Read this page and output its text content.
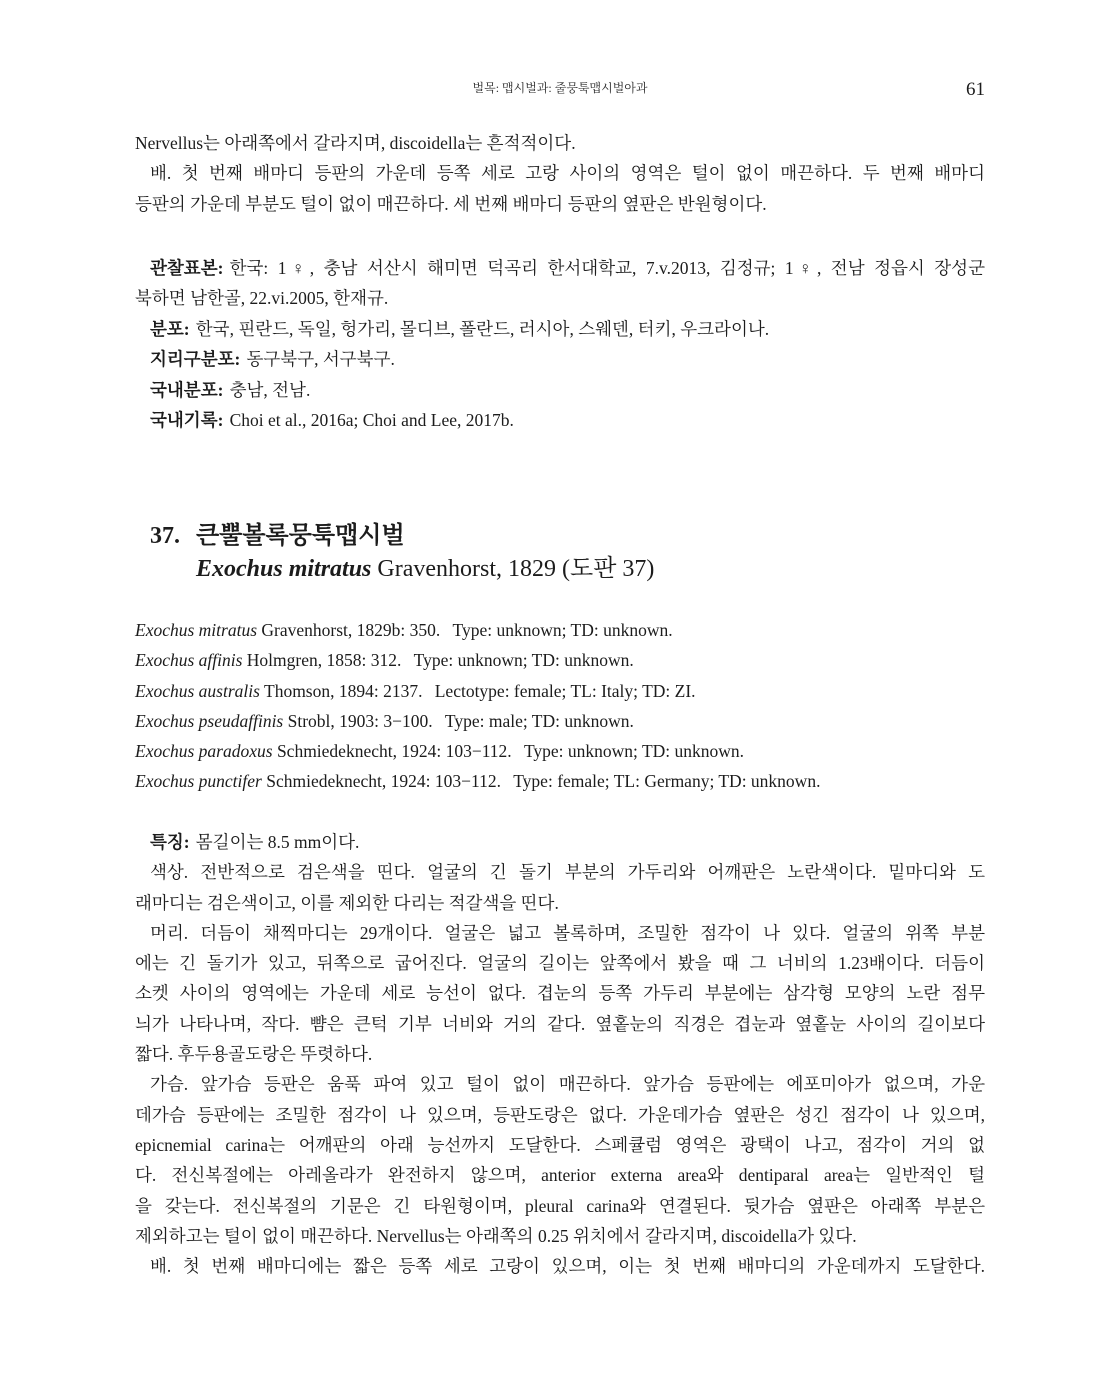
벌목: 맵시벌과: 줄뭉툭맵시벌아과	61
Nervellus는 아래쪽에서 갈라지며, discoidella는 흔적적이다.
배. 첫 번째 배마디 등판의 가운데 등쪽 세로 고랑 사이의 영역은 털이 없이 매끈하다. 두 번째 배마디
등판의 가운데 부분도 털이 없이 매끈하다. 세 번째 배마디 등판의 옆판은 반원형이다.
관찰표본: 한국: 1♀, 충남 서산시 해미면 덕곡리 한서대학교, 7.v.2013, 김정규; 1♀, 전남 정읍시 장성군
북하면 남한골, 22.vi.2005, 한재규.
분포: 한국, 핀란드, 독일, 헝가리, 몰디브, 폴란드, 러시아, 스웨덴, 터키, 우크라이나.
지리구분포: 동구북구, 서구북구.
국내분포: 충남, 전남.
국내기록: Choi et al., 2016a; Choi and Lee, 2017b.
37. 큰뿔볼록뭉툭맵시벌
Exochus mitratus Gravenhorst, 1829 (도판 37)
Exochus mitratus Gravenhorst, 1829b: 350. Type: unknown; TD: unknown.
Exochus affinis Holmgren, 1858: 312. Type: unknown; TD: unknown.
Exochus australis Thomson, 1894: 2137. Lectotype: female; TL: Italy; TD: ZI.
Exochus pseudaffinis Strobl, 1903: 3−100. Type: male; TD: unknown.
Exochus paradoxus Schmiedeknecht, 1924: 103−112. Type: unknown; TD: unknown.
Exochus punctifer Schmiedeknecht, 1924: 103−112. Type: female; TL: Germany; TD: unknown.
특징: 몸길이는 8.5 mm이다.
색상. 전반적으로 검은색을 띤다. 얼굴의 긴 돌기 부분의 가두리와 어깨판은 노란색이다. 밑마디와 도
래마디는 검은색이고, 이를 제외한 다리는 적갈색을 띤다.
머리. 더듬이 채찍마디는 29개이다. 얼굴은 넓고 볼록하며, 조밀한 점각이 나 있다. 얼굴의 위쪽 부분
에는 긴 돌기가 있고, 뒤쪽으로 굽어진다. 얼굴의 길이는 앞쪽에서 봤을 때 그 너비의 1.23배이다. 더듬이
소켓 사이의 영역에는 가운데 세로 능선이 없다. 겹눈의 등쪽 가두리 부분에는 삼각형 모양의 노란 점무
늬가 나타나며, 작다. 뺨은 큰턱 기부 너비와 거의 같다. 옆홑눈의 직경은 겹눈과 옆홑눈 사이의 길이보다
짧다. 후두용골도랑은 뚜렷하다.
가슴. 앞가슴 등판은 움푹 파여 있고 털이 없이 매끈하다. 앞가슴 등판에는 에포미아가 없으며, 가운
데가슴 등판에는 조밀한 점각이 나 있으며, 등판도랑은 없다. 가운데가슴 옆판은 성긴 점각이 나 있으며,
epicnemial carina는 어깨판의 아래 능선까지 도달한다. 스페큘럼 영역은 광택이 나고, 점각이 거의 없
다. 전신복절에는 아레올라가 완전하지 않으며, anterior externa area와 dentiparal area는 일반적인 털
을 갖는다. 전신복절의 기문은 긴 타원형이며, pleural carina와 연결된다. 뒷가슴 옆판은 아래쪽 부분은
제외하고는 털이 없이 매끈하다. Nervellus는 아래쪽의 0.25 위치에서 갈라지며, discoidella가 있다.
배. 첫 번째 배마디에는 짧은 등쪽 세로 고랑이 있으며, 이는 첫 번째 배마디의 가운데까지 도달한다.
